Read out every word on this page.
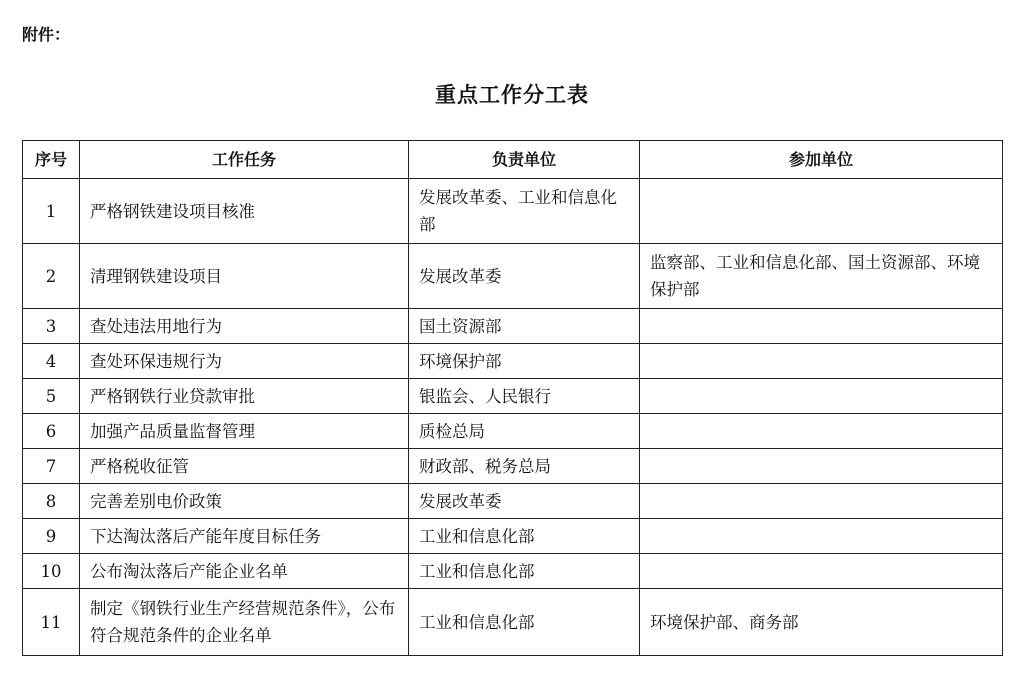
附件：
重点工作分工表
序号	工作任务	负责单位	参加单位
1	严格钢铁建设项目核准	发展改革委、工业和信息化部	
2	清理钢铁建设项目	发展改革委	监察部、工业和信息化部、国土资源部、环境保护部
3	查处违法用地行为	国土资源部	
4	查处环保违规行为	环境保护部	
5	严格钢铁行业贷款审批	银监会、人民银行	
6	加强产品质量监督管理	质检总局	
7	严格税收征管	财政部、税务总局	
8	完善差别电价政策	发展改革委	
9	下达淘汰落后产能年度目标任务	工业和信息化部	
10	公布淘汰落后产能企业名单	工业和信息化部	
11	制定《钢铁行业生产经营规范条件》，公布符合规范条件的企业名单	工业和信息化部	环境保护部、商务部
